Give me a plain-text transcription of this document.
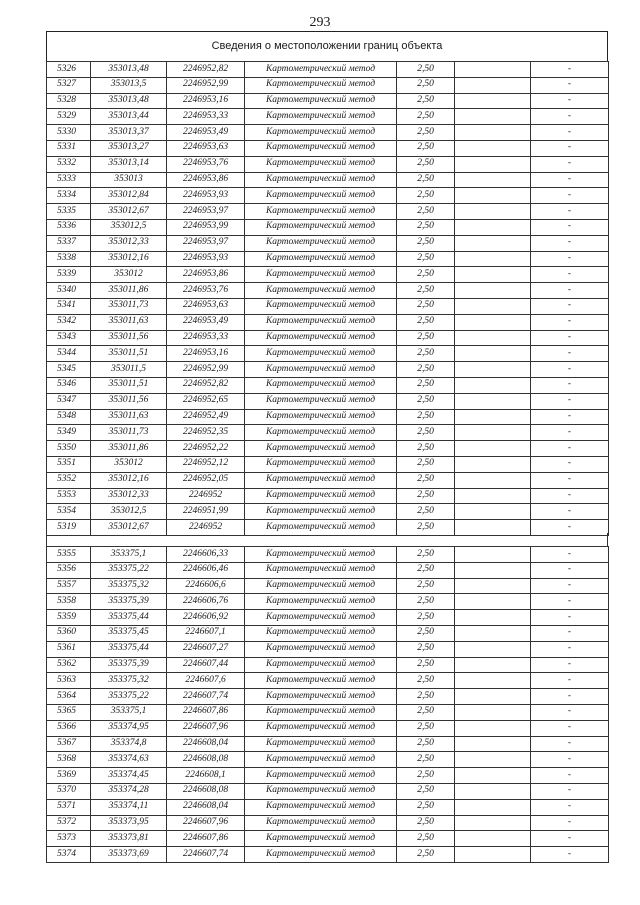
293
Сведения о местоположении границ объекта
5326	353013,48	2246952,82	Картометрический метод	2,50		-
5327	353013,5	2246952,99	Картометрический метод	2,50		-
5328	353013,48	2246953,16	Картометрический метод	2,50		-
5329	353013,44	2246953,33	Картометрический метод	2,50		-
5330	353013,37	2246953,49	Картометрический метод	2,50		-
5331	353013,27	2246953,63	Картометрический метод	2,50		-
5332	353013,14	2246953,76	Картометрический метод	2,50		-
5333	353013	2246953,86	Картометрический метод	2,50		-
5334	353012,84	2246953,93	Картометрический метод	2,50		-
5335	353012,67	2246953,97	Картометрический метод	2,50		-
5336	353012,5	2246953,99	Картометрический метод	2,50		-
5337	353012,33	2246953,97	Картометрический метод	2,50		-
5338	353012,16	2246953,93	Картометрический метод	2,50		-
5339	353012	2246953,86	Картометрический метод	2,50		-
5340	353011,86	2246953,76	Картометрический метод	2,50		-
5341	353011,73	2246953,63	Картометрический метод	2,50		-
5342	353011,63	2246953,49	Картометрический метод	2,50		-
5343	353011,56	2246953,33	Картометрический метод	2,50		-
5344	353011,51	2246953,16	Картометрический метод	2,50		-
5345	353011,5	2246952,99	Картометрический метод	2,50		-
5346	353011,51	2246952,82	Картометрический метод	2,50		-
5347	353011,56	2246952,65	Картометрический метод	2,50		-
5348	353011,63	2246952,49	Картометрический метод	2,50		-
5349	353011,73	2246952,35	Картометрический метод	2,50		-
5350	353011,86	2246952,22	Картометрический метод	2,50		-
5351	353012	2246952,12	Картометрический метод	2,50		-
5352	353012,16	2246952,05	Картометрический метод	2,50		-
5353	353012,33	2246952	Картометрический метод	2,50		-
5354	353012,5	2246951,99	Картометрический метод	2,50		-
5319	353012,67	2246952	Картометрический метод	2,50		-
5355	353375,1	2246606,33	Картометрический метод	2,50		-
5356	353375,22	2246606,46	Картометрический метод	2,50		-
5357	353375,32	2246606,6	Картометрический метод	2,50		-
5358	353375,39	2246606,76	Картометрический метод	2,50		-
5359	353375,44	2246606,92	Картометрический метод	2,50		-
5360	353375,45	2246607,1	Картометрический метод	2,50		-
5361	353375,44	2246607,27	Картометрический метод	2,50		-
5362	353375,39	2246607,44	Картометрический метод	2,50		-
5363	353375,32	2246607,6	Картометрический метод	2,50		-
5364	353375,22	2246607,74	Картометрический метод	2,50		-
5365	353375,1	2246607,86	Картометрический метод	2,50		-
5366	353374,95	2246607,96	Картометрический метод	2,50		-
5367	353374,8	2246608,04	Картометрический метод	2,50		-
5368	353374,63	2246608,08	Картометрический метод	2,50		-
5369	353374,45	2246608,1	Картометрический метод	2,50		-
5370	353374,28	2246608,08	Картометрический метод	2,50		-
5371	353374,11	2246608,04	Картометрический метод	2,50		-
5372	353373,95	2246607,96	Картометрический метод	2,50		-
5373	353373,81	2246607,86	Картометрический метод	2,50		-
5374	353373,69	2246607,74	Картометрический метод	2,50		-
